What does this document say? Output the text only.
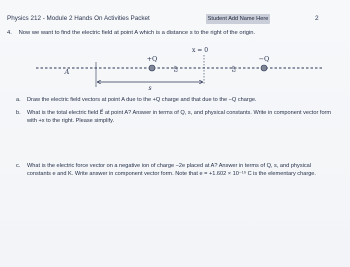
Physics 212 - Module 2 Hands On Activities Packet	Student Add Name Here	2
4. Now we want to find the electric field at point A which is a distance s to the right of the origin.
x = 0
A
+Q
s/2	s/2
−Q
s
a. Draw the electric field vectors at point A due to the +Q charge and that due to the −Q charge.
b. What is the total electric field E⃗ at point A? Answer in terms of Q, s, and physical constants. Write in component vector form with +x to the right. Please simplify.
c. What is the electric force vector on a negative ion of charge −2e placed at A? Answer in terms of Q, s, and physical constants e and K. Write answer in component vector form. Note that e = +1.602 × 10⁻¹⁹ C is the elementary charge.
